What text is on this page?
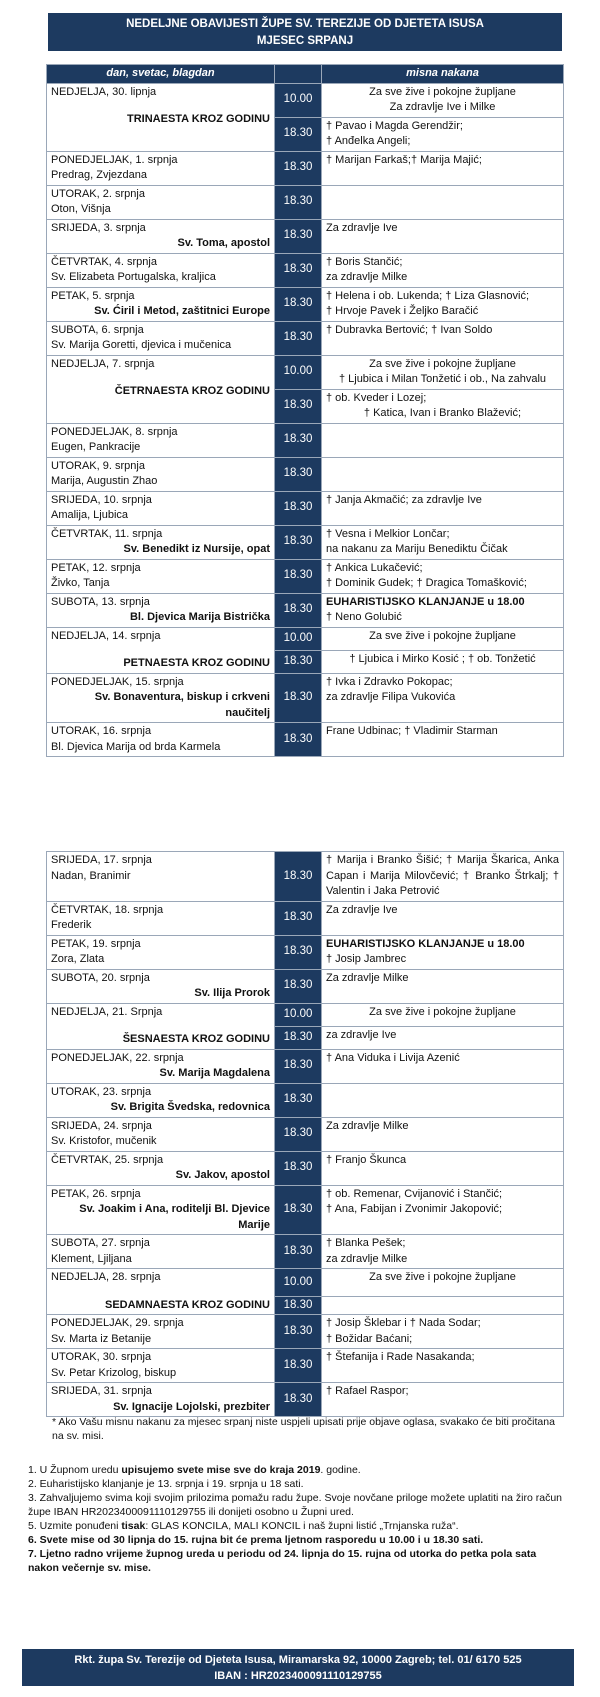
NEDELJNE OBAVIJESTI ŽUPE SV. TEREZIJE OD DJETETA ISUSA
MJESEC SRPANJ
dan, svetac, blagdan		misna nakana

NEDJELJA, 30. lipnja
TRINAESTA KROZ GODINU	10.00	Za sve žive i pokojne župljane
Za zdravlje Ive i Milke

	18.30	† Pavao i Magda Gerendžir;
† Anđelka Angeli;

PONEDJELJAK, 1. srpnja
Predrag, Zvjezdana	18.30	† Marijan Farkaš;† Marija Majić;

UTORAK, 2. srpnja
Oton, Višnja	18.30	

SRIJEDA, 3. srpnja
Sv. Toma, apostol	18.30	Za zdravlje Ive

ČETVRTAK, 4. srpnja
Sv. Elizabeta Portugalska, kraljica	18.30	† Boris Stančić;
za zdravlje Milke

PETAK, 5. srpnja
Sv. Ćiril i Metod, zaštitnici Europe	18.30	† Helena i ob. Lukenda; † Liza Glasnović;
† Hrvoje Pavek i Željko Baračić

SUBOTA, 6. srpnja
Sv. Marija Goretti, djevica i mučenica	18.30	† Dubravka Bertović; † Ivan Soldo

NEDJELJA, 7. srpnja
ČETRNAESTA KROZ GODINU	10.00	Za sve žive i pokojne župljane
† Ljubica i Milan Tonžetić i ob., Na zahvalu

	18.30	† ob. Kveder i Lozej;
† Katica, Ivan i Branko Blažević;

PONEDJELJAK, 8. srpnja
Eugen, Pankracije	18.30	

UTORAK, 9. srpnja
Marija, Augustin Zhao	18.30	

SRIJEDA, 10. srpnja
Amalija, Ljubica	18.30	† Janja Akmačić; za zdravlje Ive

ČETVRTAK, 11. srpnja
Sv. Benedikt iz Nursije, opat	18.30	† Vesna i Melkior Lončar;
na nakanu za Mariju Benediktu Čičak

PETAK, 12. srpnja
Živko, Tanja	18.30	† Ankica Lukačević;
† Dominik Gudek; † Dragica Tomašković;

SUBOTA, 13. srpnja
Bl. Djevica Marija Bistrička	18.30	EUHARISTIJSKO KLANJANJE u 18.00
† Neno Golubić

NEDJELJA, 14. srpnja
PETNAESTA KROZ GODINU	10.00	Za sve žive i pokojne župljane

	18.30	† Ljubica i Mirko Kosić ; † ob. Tonžetić

PONEDJELJAK, 15. srpnja
Sv. Bonaventura, biskup i crkveni naučitelj	18.30	† Ivka i Zdravko Pokopac;
za zdravlje Filipa Vukovića

UTORAK, 16. srpnja
Bl. Djevica Marija od brda Karmela	18.30	Frane Udbinac; † Vladimir Starman
SRIJEDA, 17. srpnja
Nadan, Branimir	18.30	† Marija i Branko Šišić; † Marija Škarica, Anka Capan i Marija Milovčević; † Branko Štrkalj; † Valentin i Jaka Petrović

ČETVRTAK, 18. srpnja
Frederik	18.30	Za zdravlje Ive

PETAK, 19. srpnja
Zora, Zlata	18.30	EUHARISTIJSKO KLANJANJE u 18.00
† Josip Jambrec

SUBOTA, 20. srpnja
Sv. Ilija Prorok	18.30	Za zdravlje Milke

NEDJELJA, 21. Srpnja
ŠESNAESTA KROZ GODINU	10.00	Za sve žive i pokojne župljane

	18.30	za zdravlje Ive

PONEDJELJAK, 22. srpnja
Sv. Marija Magdalena	18.30	† Ana Viduka i Livija Azenić

UTORAK, 23. srpnja
Sv. Brigita Švedska, redovnica	18.30	

SRIJEDA, 24. srpnja
Sv. Kristofor, mučenik	18.30	Za zdravlje Milke

ČETVRTAK, 25. srpnja
Sv. Jakov, apostol	18.30	† Franjo Škunca

PETAK, 26. srpnja
Sv. Joakim i Ana, roditelji Bl. Djevice Marije	18.30	† ob. Remenar, Cvijanović i Stančić;
† Ana, Fabijan i Zvonimir Jakopović;

SUBOTA, 27. srpnja
Klement, Ljiljana	18.30	† Blanka Pešek;
za zdravlje Milke

NEDJELJA, 28. srpnja
SEDAMNAESTA KROZ GODINU	10.00	Za sve žive i pokojne župljane

	18.30	

PONEDJELJAK, 29. srpnja
Sv. Marta iz Betanije	18.30	† Josip Šklebar i † Nada Sodar;
† Božidar Baćani;

UTORAK, 30. srpnja
Sv. Petar Krizolog, biskup	18.30	† Štefanija i Rade Nasakanda;

SRIJEDA, 31. srpnja
Sv. Ignacije Lojolski, prezbiter	18.30	† Rafael Raspor;
* Ako Vašu misnu nakanu za mjesec srpanj niste uspjeli upisati prije objave oglasa, svakako će biti pročitana na sv. misi.

1. U Župnom uredu upisujemo svete mise sve do kraja 2019. godine.

2. Euharistijsko klanjanje je 13. srpnja i 19. srpnja u 18 sati.

3. Zahvaljujemo svima koji svojim prilozima pomažu radu župe. Svoje novčane priloge možete uplatiti na žiro račun župe IBAN HR2023400091110129755 ili donijeti osobno u Župni ured.

5. Uzmite ponuđeni tisak: GLAS KONCILA, MALI KONCIL i naš župni listić „Trnjanska ruža“.

6. Svete mise od 30 lipnja do 15. rujna bit će prema ljetnom rasporedu u 10.00 i u 18.30 sati.

7. Ljetno radno vrijeme župnog ureda u periodu od 24. lipnja do 15. rujna od utorka do petka pola sata nakon večernje sv. mise.

Rkt. župa Sv. Terezije od Djeteta Isusa, Miramarska 92, 10000 Zagreb; tel. 01/ 6170 525
IBAN : HR2023400091110129755
